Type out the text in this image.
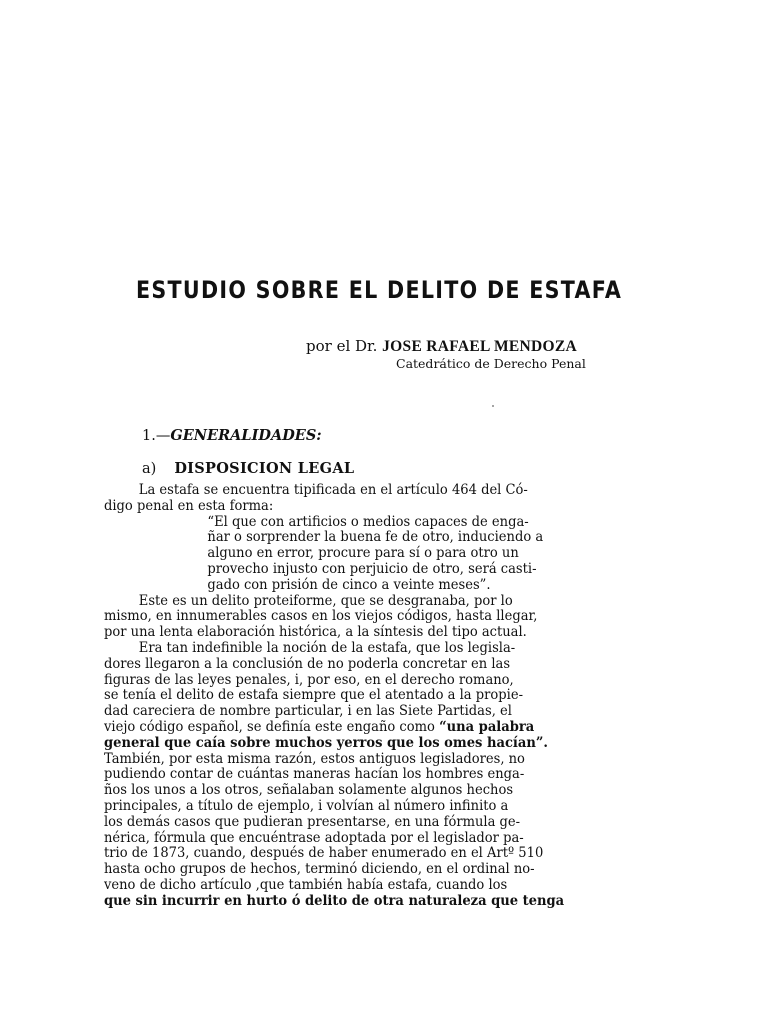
ESTUDIO SOBRE EL DELITO DE ESTAFA
por el Dr. JOSE RAFAEL MENDOZA
Catedrático de Derecho Penal
1.—GENERALIDADES:
a) DISPOSICION LEGAL
La estafa se encuentra tipificada en el artículo 464 del Có-
digo penal en esta forma:
“El que con artificios o medios capaces de enga-
ñar o sorprender la buena fe de otro, induciendo a
alguno en error, procure para sí o para otro un
provecho injusto con perjuicio de otro, será casti-
gado con prisión de cinco a veinte meses”.
Este es un delito proteiforme, que se desgranaba, por lo
mismo, en innumerables casos en los viejos códigos, hasta llegar,
por una lenta elaboración histórica, a la síntesis del tipo actual.
Era tan indefinible la noción de la estafa, que los legisla-
dores llegaron a la conclusión de no poderla concretar en las
figuras de las leyes penales, i, por eso, en el derecho romano,
se tenía el delito de estafa siempre que el atentado a la propie-
dad careciera de nombre particular, i en las Siete Partidas, el
viejo código español, se definía este engaño como “una palabra
general que caía sobre muchos yerros que los omes hacían”.
También, por esta misma razón, estos antiguos legisladores, no
pudiendo contar de cuántas maneras hacían los hombres enga-
ños los unos a los otros, señalaban solamente algunos hechos
principales, a título de ejemplo, i volvían al número infinito a
los demás casos que pudieran presentarse, en una fórmula ge-
nérica, fórmula que encuéntrase adoptada por el legislador pa-
trio de 1873, cuando, después de haber enumerado en el Artº 510
hasta ocho grupos de hechos, terminó diciendo, en el ordinal no-
veno de dicho artículo ,que también había estafa, cuando los
que sin incurrir en hurto ó delito de otra naturaleza que tenga
